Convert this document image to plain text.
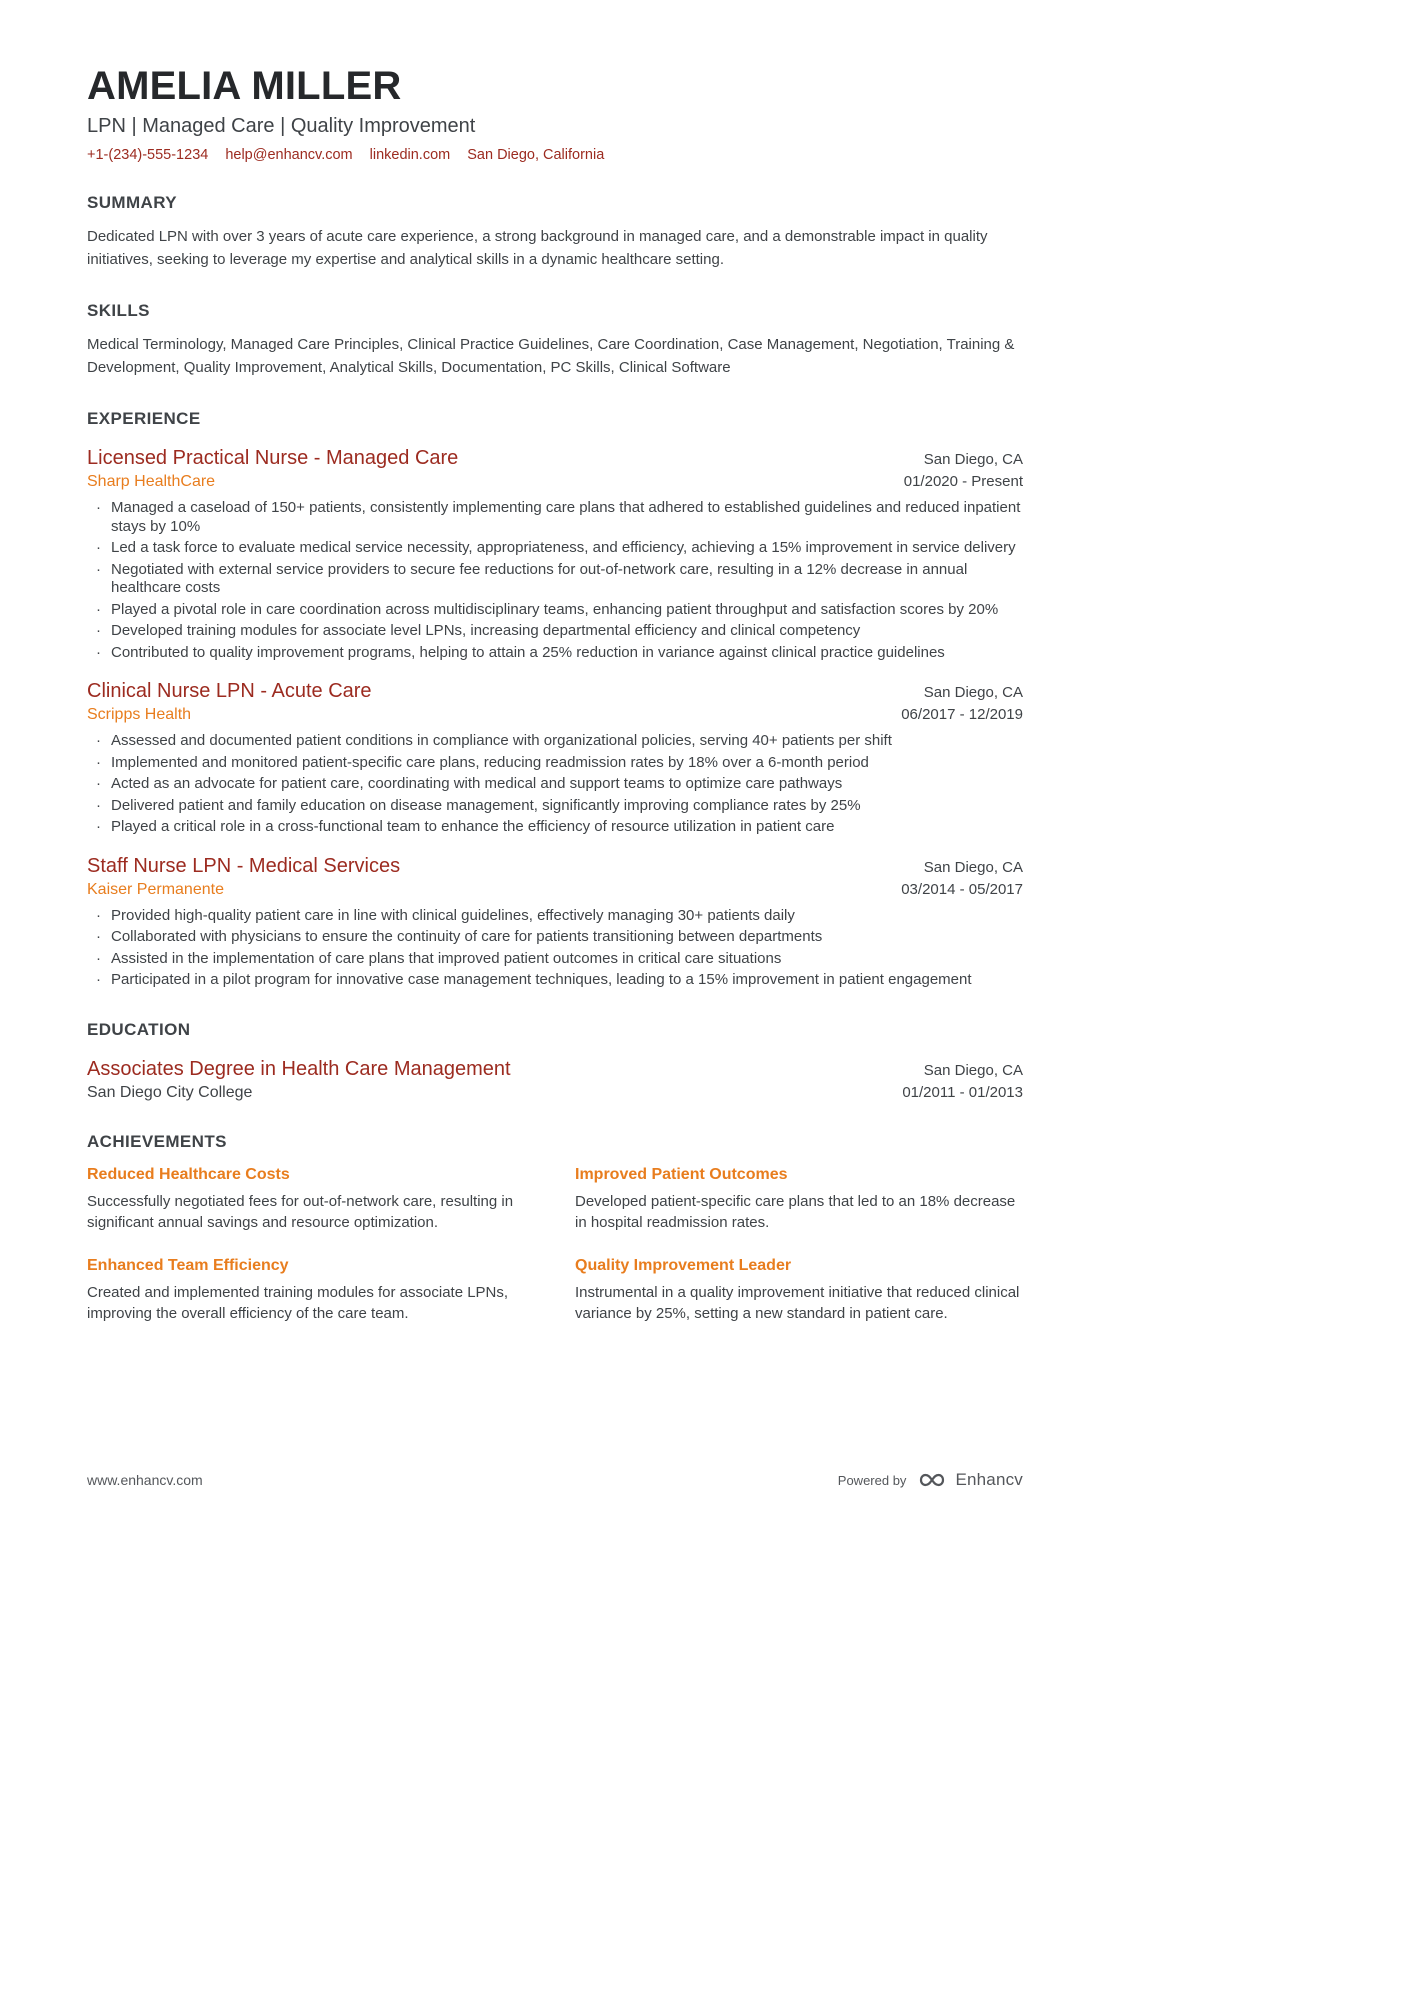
AMELIA MILLER
LPN | Managed Care | Quality Improvement
+1-(234)-555-1234 help@enhancv.com linkedin.com San Diego, California
SUMMARY
Dedicated LPN with over 3 years of acute care experience, a strong background in managed care, and a demonstrable impact in quality initiatives, seeking to leverage my expertise and analytical skills in a dynamic healthcare setting.
SKILLS
Medical Terminology, Managed Care Principles, Clinical Practice Guidelines, Care Coordination, Case Management, Negotiation, Training & Development, Quality Improvement, Analytical Skills, Documentation, PC Skills, Clinical Software
EXPERIENCE
Licensed Practical Nurse - Managed Care	San Diego, CA
Sharp HealthCare	01/2020 - Present
· Managed a caseload of 150+ patients, consistently implementing care plans that adhered to established guidelines and reduced inpatient stays by 10%
· Led a task force to evaluate medical service necessity, appropriateness, and efficiency, achieving a 15% improvement in service delivery
· Negotiated with external service providers to secure fee reductions for out-of-network care, resulting in a 12% decrease in annual healthcare costs
· Played a pivotal role in care coordination across multidisciplinary teams, enhancing patient throughput and satisfaction scores by 20%
· Developed training modules for associate level LPNs, increasing departmental efficiency and clinical competency
· Contributed to quality improvement programs, helping to attain a 25% reduction in variance against clinical practice guidelines
Clinical Nurse LPN - Acute Care	San Diego, CA
Scripps Health	06/2017 - 12/2019
· Assessed and documented patient conditions in compliance with organizational policies, serving 40+ patients per shift
· Implemented and monitored patient-specific care plans, reducing readmission rates by 18% over a 6-month period
· Acted as an advocate for patient care, coordinating with medical and support teams to optimize care pathways
· Delivered patient and family education on disease management, significantly improving compliance rates by 25%
· Played a critical role in a cross-functional team to enhance the efficiency of resource utilization in patient care
Staff Nurse LPN - Medical Services	San Diego, CA
Kaiser Permanente	03/2014 - 05/2017
· Provided high-quality patient care in line with clinical guidelines, effectively managing 30+ patients daily
· Collaborated with physicians to ensure the continuity of care for patients transitioning between departments
· Assisted in the implementation of care plans that improved patient outcomes in critical care situations
· Participated in a pilot program for innovative case management techniques, leading to a 15% improvement in patient engagement
EDUCATION
Associates Degree in Health Care Management	San Diego, CA
San Diego City College	01/2011 - 01/2013
ACHIEVEMENTS
Reduced Healthcare Costs
Successfully negotiated fees for out-of-network care, resulting in significant annual savings and resource optimization.
Improved Patient Outcomes
Developed patient-specific care plans that led to an 18% decrease in hospital readmission rates.
Enhanced Team Efficiency
Created and implemented training modules for associate LPNs, improving the overall efficiency of the care team.
Quality Improvement Leader
Instrumental in a quality improvement initiative that reduced clinical variance by 25%, setting a new standard in patient care.
www.enhancv.com	Powered by	Enhancv
